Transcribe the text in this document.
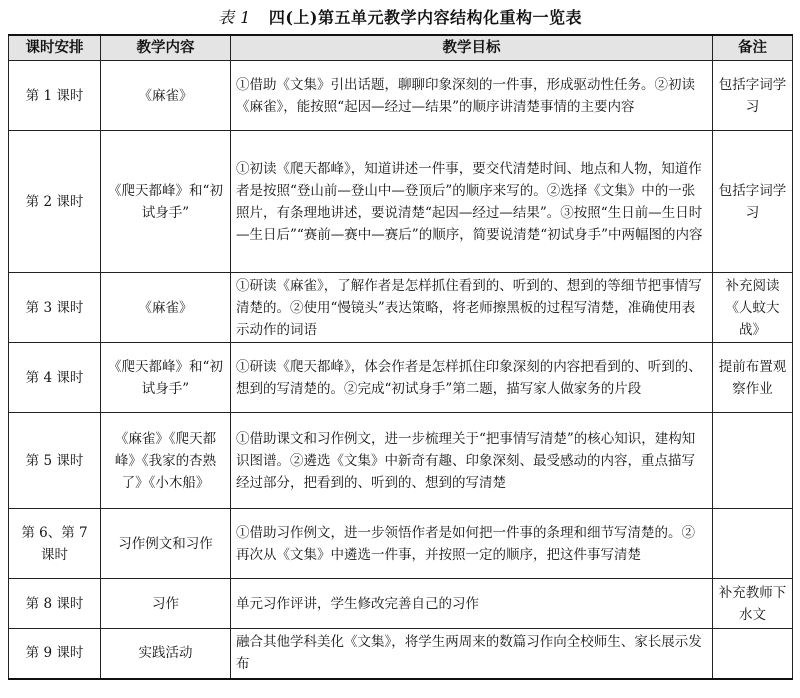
表 1 四(上)第五单元教学内容结构化重构一览表
课时安排	教学内容	教学目标	备注
第 1 课时	《麻雀》	①借助《文集》引出话题，聊聊印象深刻的一件事，形成驱动性任务。②初读《麻雀》，能按照“起因—经过—结果”的顺序讲清楚事情的主要内容	包括字词学习
第 2 课时	《爬天都峰》和“初试身手”	①初读《爬天都峰》，知道讲述一件事，要交代清楚时间、地点和人物，知道作者是按照“登山前—登山中—登顶后”的顺序来写的。②选择《文集》中的一张照片，有条理地讲述，要说清楚“起因—经过—结果”。③按照“生日前—生日时—生日后”“赛前—赛中—赛后”的顺序，简要说清楚“初试身手”中两幅图的内容	包括字词学习
第 3 课时	《麻雀》	①研读《麻雀》，了解作者是怎样抓住看到的、听到的、想到的等细节把事情写清楚的。②使用“慢镜头”表达策略，将老师擦黑板的过程写清楚，准确使用表示动作的词语	补充阅读《人蚊大战》
第 4 课时	《爬天都峰》和“初试身手”	①研读《爬天都峰》，体会作者是怎样抓住印象深刻的内容把看到的、听到的、想到的写清楚的。②完成“初试身手”第二题，描写家人做家务的片段	提前布置观察作业
第 5 课时	《麻雀》《爬天都峰》《我家的杏熟了》《小木船》	①借助课文和习作例文，进一步梳理关于“把事情写清楚”的核心知识，建构知识图谱。②遴选《文集》中新奇有趣、印象深刻、最受感动的内容，重点描写经过部分，把看到的、听到的、想到的写清楚	
第 6、第 7 课时	习作例文和习作	①借助习作例文，进一步领悟作者是如何把一件事的条理和细节写清楚的。②再次从《文集》中遴选一件事，并按照一定的顺序，把这件事写清楚	
第 8 课时	习作	单元习作评讲，学生修改完善自己的习作	补充教师下水文
第 9 课时	实践活动	融合其他学科美化《文集》，将学生两周来的数篇习作向全校师生、家长展示发布	
